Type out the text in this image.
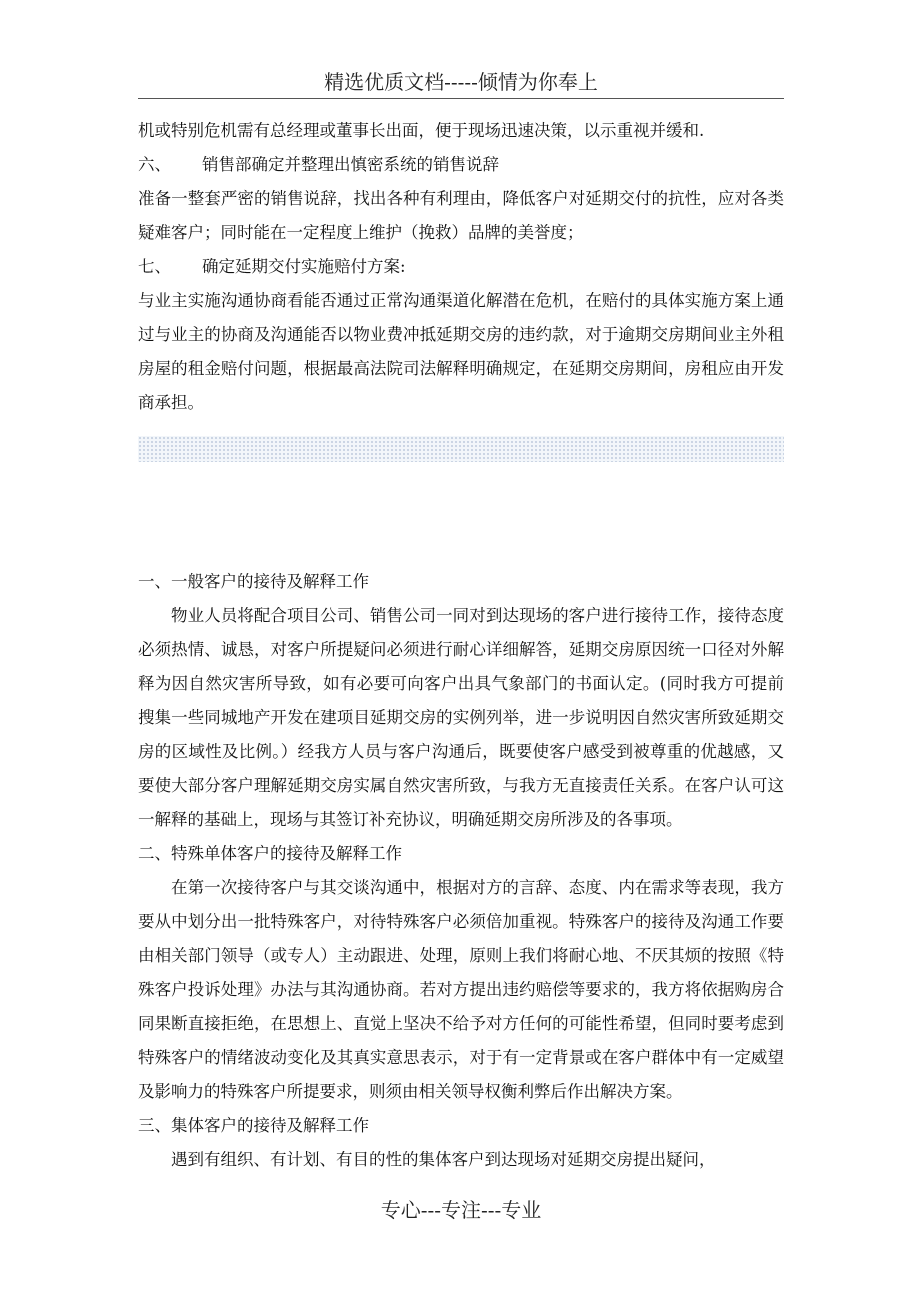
精选优质文档-----倾情为你奉上

机或特别危机需有总经理或董事长出面，便于现场迅速决策，以示重视并缓和.

六、 销售部确定并整理出慎密系统的销售说辞

准备一整套严密的销售说辞，找出各种有利理由，降低客户对延期交付的抗性，应对各类疑难客户；同时能在一定程度上维护（挽救）品牌的美誉度；

七、 确定延期交付实施赔付方案:

与业主实施沟通协商看能否通过正常沟通渠道化解潜在危机，在赔付的具体实施方案上通过与业主的协商及沟通能否以物业费冲抵延期交房的违约款，对于逾期交房期间业主外租房屋的租金赔付问题，根据最高法院司法解释明确规定，在延期交房期间，房租应由开发商承担。

一、一般客户的接待及解释工作

物业人员将配合项目公司、销售公司一同对到达现场的客户进行接待工作，接待态度必须热情、诚恳，对客户所提疑问必须进行耐心详细解答，延期交房原因统一口径对外解释为因自然灾害所导致，如有必要可向客户出具气象部门的书面认定。(同时我方可提前搜集一些同城地产开发在建项目延期交房的实例列举，进一步说明因自然灾害所致延期交房的区域性及比例。）经我方人员与客户沟通后，既要使客户感受到被尊重的优越感，又要使大部分客户理解延期交房实属自然灾害所致，与我方无直接责任关系。在客户认可这一解释的基础上，现场与其签订补充协议，明确延期交房所涉及的各事项。

二、特殊单体客户的接待及解释工作

在第一次接待客户与其交谈沟通中，根据对方的言辞、态度、内在需求等表现，我方要从中划分出一批特殊客户，对待特殊客户必须倍加重视。特殊客户的接待及沟通工作要由相关部门领导（或专人）主动跟进、处理，原则上我们将耐心地、不厌其烦的按照《特殊客户投诉处理》办法与其沟通协商。若对方提出违约赔偿等要求的，我方将依据购房合同果断直接拒绝，在思想上、直觉上坚决不给予对方任何的可能性希望，但同时要考虑到特殊客户的情绪波动变化及其真实意思表示，对于有一定背景或在客户群体中有一定威望及影响力的特殊客户所提要求，则须由相关领导权衡利弊后作出解决方案。

三、集体客户的接待及解释工作

遇到有组织、有计划、有目的性的集体客户到达现场对延期交房提出疑问，

专心---专注---专业
